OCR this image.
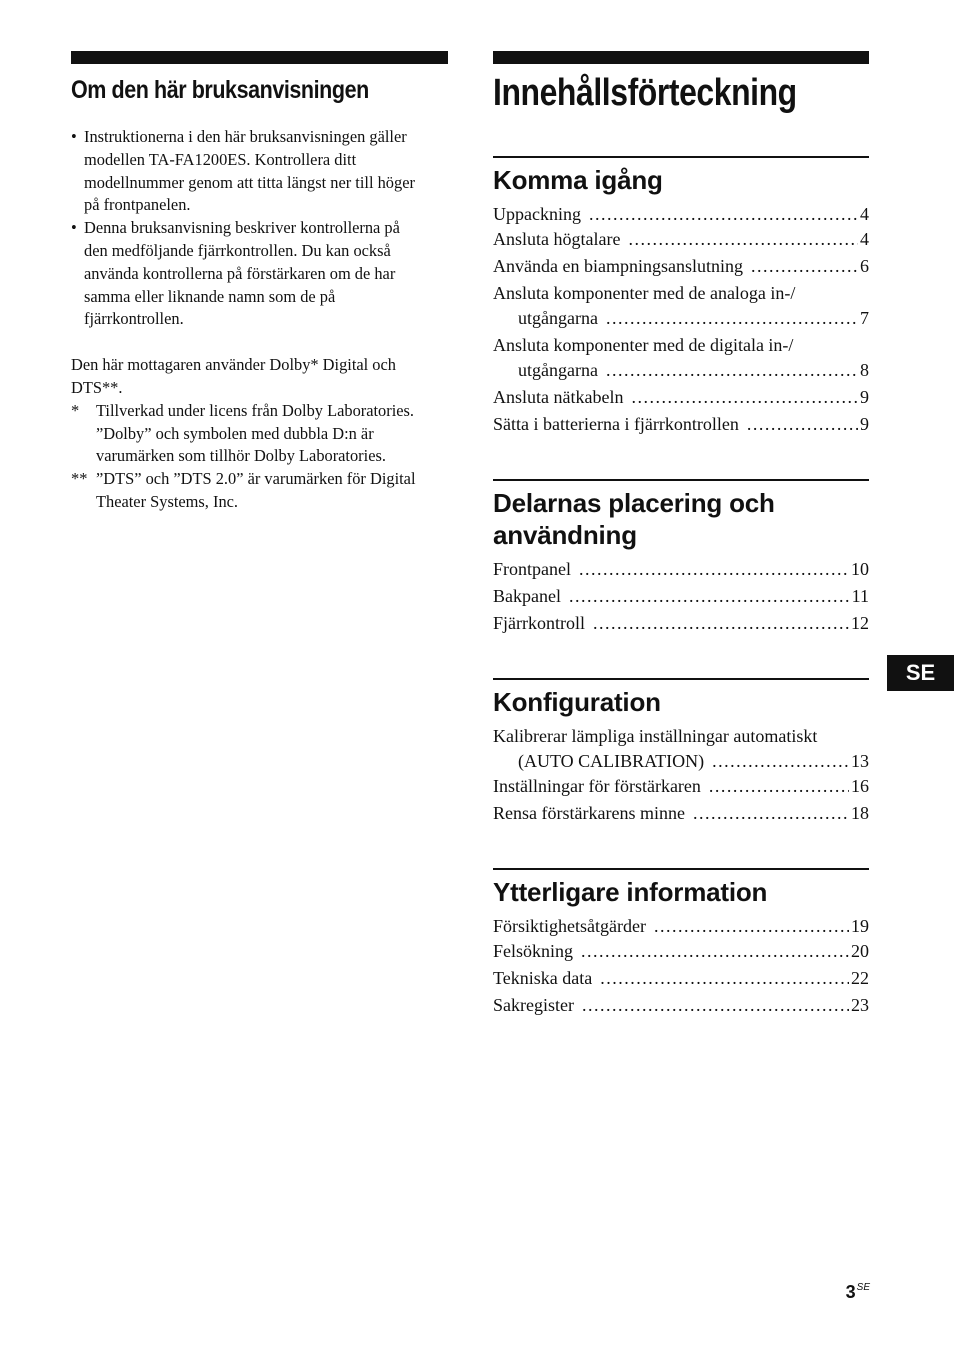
Om den här bruksanvisningen
• Instruktionerna i den här bruksanvisningen gäller
modellen TA-FA1200ES. Kontrollera ditt
modellnummer genom att titta längst ner till höger
på frontpanelen.
• Denna bruksanvisning beskriver kontrollerna på
den medföljande fjärrkontrollen. Du kan också
använda kontrollerna på förstärkaren om de har
samma eller liknande namn som de på
fjärrkontrollen.

Den här mottagaren använder Dolby* Digital och
DTS**.

* Tillverkad under licens från Dolby Laboratories.
”Dolby” och symbolen med dubbla D:n är
varumärken som tillhör Dolby Laboratories.
** ”DTS” och ”DTS 2.0” är varumärken för Digital
Theater Systems, Inc.
Innehållsförteckning
Komma igång
Uppackning .....	4
Ansluta högtalare .....	4
Använda en biampningsanslutning .....	6
Ansluta komponenter med de analoga in-/
utgångarna .....	7
Ansluta komponenter med de digitala in-/
utgångarna .....	8
Ansluta nätkabeln .....	9
Sätta i batterierna i fjärrkontrollen .....	9
Delarnas placering och
användning
Frontpanel .....	10
Bakpanel .....	11
Fjärrkontroll .....	12
Konfiguration
Kalibrerar lämpliga inställningar automatiskt
(AUTO CALIBRATION) .....	13
Inställningar för förstärkaren .....	16
Rensa förstärkarens minne .....	18
Ytterligare information
Försiktighetsåtgärder .....	19
Felsökning .....	20
Tekniska data .....	22
Sakregister .....	23
SE
$3^{SE}$
